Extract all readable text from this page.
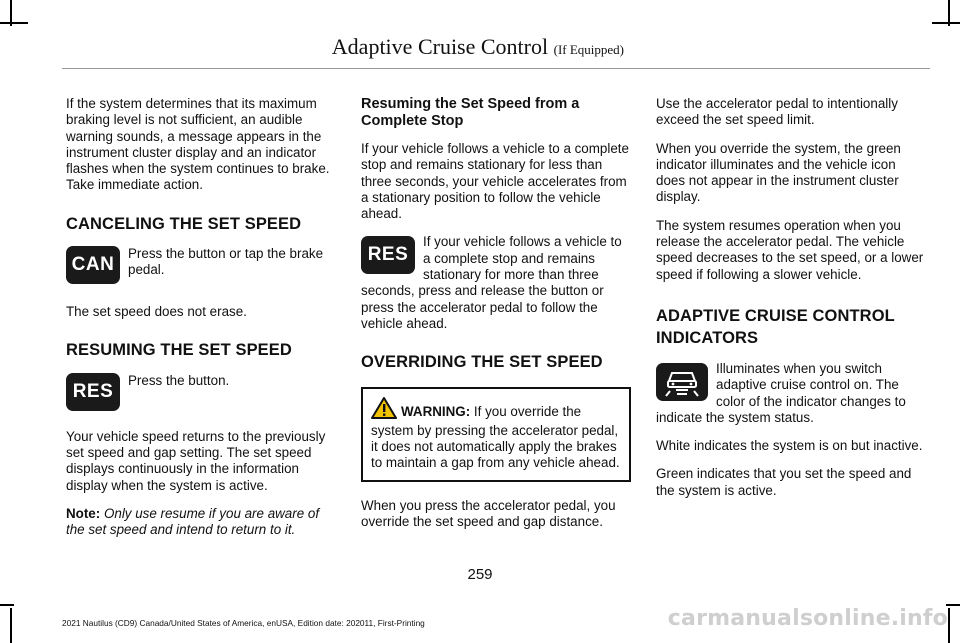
Adaptive Cruise Control (If Equipped)

If the system determines that its maximum braking level is not sufficient, an audible warning sounds, a message appears in the instrument cluster display and an indicator flashes when the system continues to brake. Take immediate action.

CANCELING THE SET SPEED
CAN
Press the button or tap the brake pedal.

The set speed does not erase.

RESUMING THE SET SPEED
RES
Press the button.

Your vehicle speed returns to the previously set speed and gap setting. The set speed displays continuously in the information display when the system is active.

Note: Only use resume if you are aware of the set speed and intend to return to it.

Resuming the Set Speed from a Complete Stop

If your vehicle follows a vehicle to a complete stop and remains stationary for less than three seconds, your vehicle accelerates from a stationary position to follow the vehicle ahead.

RES
If your vehicle follows a vehicle to a complete stop and remains stationary for more than three seconds, press and release the button or press the accelerator pedal to follow the vehicle ahead.
OVERRIDING THE SET SPEED
WARNING: If you override the system by pressing the accelerator pedal, it does not automatically apply the brakes to maintain a gap from any vehicle ahead.

When you press the accelerator pedal, you override the set speed and gap distance.

Use the accelerator pedal to intentionally exceed the set speed limit.

When you override the system, the green indicator illuminates and the vehicle icon does not appear in the instrument cluster display.

The system resumes operation when you release the accelerator pedal. The vehicle speed decreases to the set speed, or a lower speed if following a slower vehicle.

ADAPTIVE CRUISE CONTROL
INDICATORS
Illuminates when you switch adaptive cruise control on. The color of the indicator changes to indicate the system status.

White indicates the system is on but inactive.

Green indicates that you set the speed and the system is active.

259
2021 Nautilus (CD9) Canada/United States of America, enUSA, Edition date: 202011, First-Printing	carmanualsonline.info
